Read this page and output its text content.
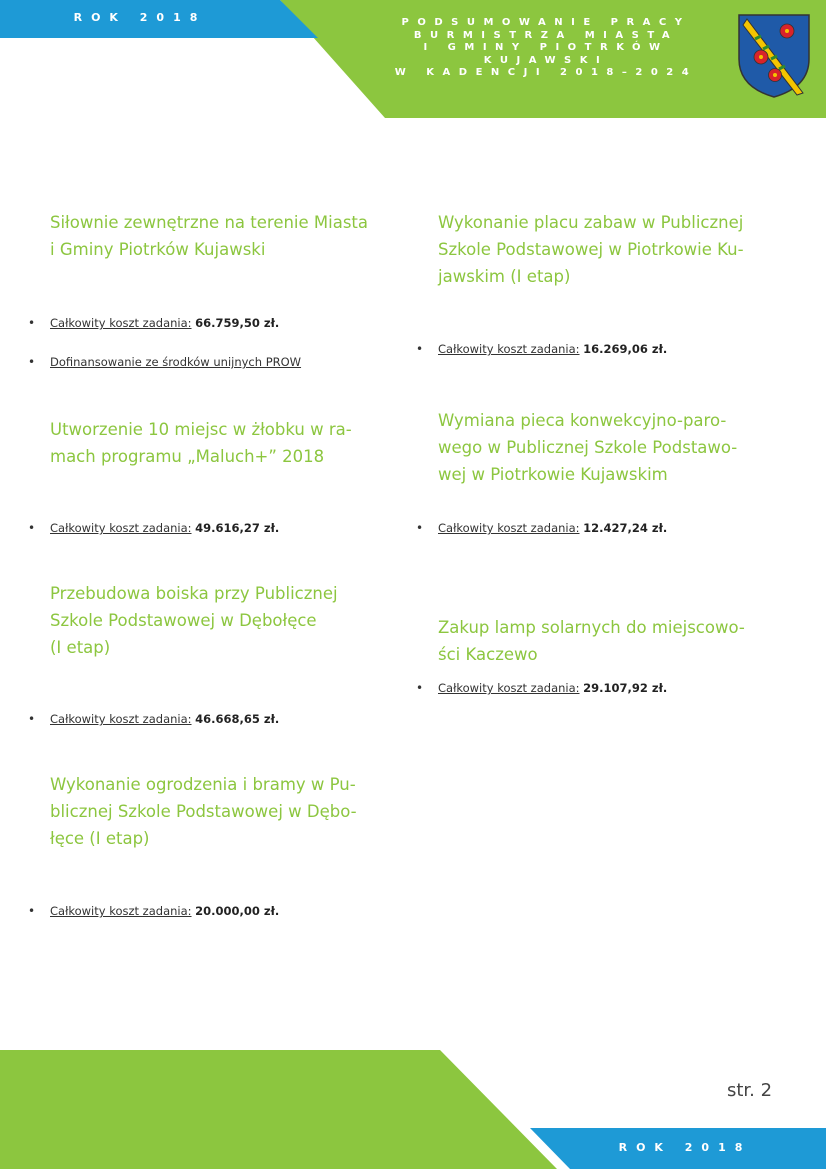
ROK 2018	PODSUMOWANIE PRACY
BURMISTRZA MIASTA
I GMINY PIOTRKÓW
KUJAWSKI
W KADENCJI 2018–2024
Siłownie zewnętrzne na terenie Miasta
i Gminy Piotrków Kujawski
• Całkowity koszt zadania: 66.759,50 zł.
• Dofinansowanie ze środków unijnych PROW
Utworzenie 10 miejsc w żłobku w ra-
mach programu „Maluch+” 2018
• Całkowity koszt zadania: 49.616,27 zł.
Przebudowa boiska przy Publicznej
Szkole Podstawowej w Dębołęce
(I etap)
• Całkowity koszt zadania: 46.668,65 zł.
Wykonanie ogrodzenia i bramy w Pu-
blicznej Szkole Podstawowej w Dębo-
łęce (I etap)
• Całkowity koszt zadania: 20.000,00 zł.
Wykonanie placu zabaw w Publicznej
Szkole Podstawowej w Piotrkowie Ku-
jawskim (I etap)
• Całkowity koszt zadania: 16.269,06 zł.
Wymiana pieca konwekcyjno-paro-
wego w Publicznej Szkole Podstawo-
wej w Piotrkowie Kujawskim
• Całkowity koszt zadania: 12.427,24 zł.
Zakup lamp solarnych do miejscowo-
ści Kaczewo
• Całkowity koszt zadania: 29.107,92 zł.
str. 2
ROK 2018
